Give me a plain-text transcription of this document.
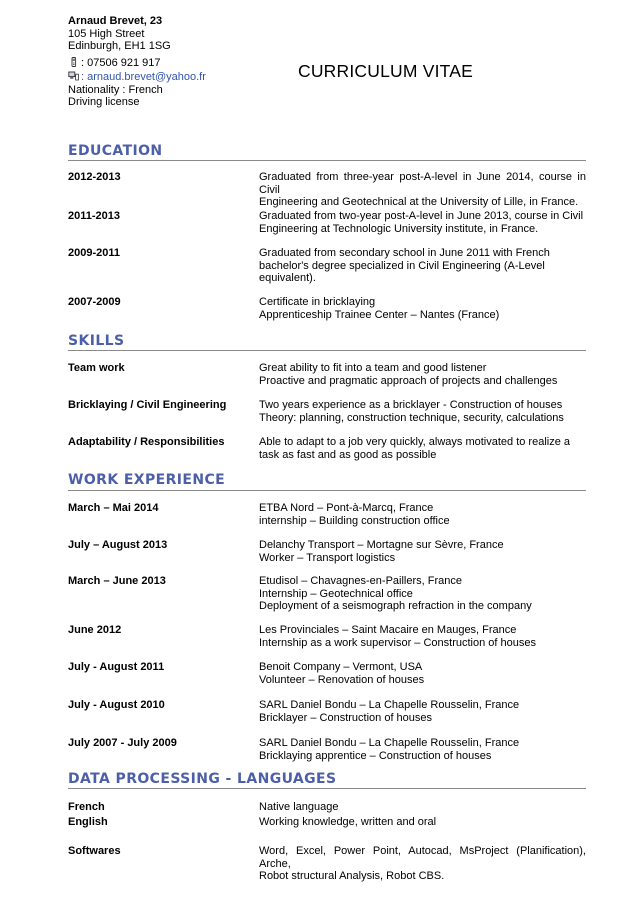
Arnaud Brevet, 23
105 High Street
Edinburgh, EH1 1SG
: 07506 921 917
: arnaud.brevet@yahoo.fr
Nationality : French
Driving license
CURRICULUM VITAE
EDUCATION
2012-2013	Graduated from three-year post-A-level in June 2014, course in Civil
Engineering and Geotechnical at the University of Lille, in France.
2011-2013	Graduated from two-year post-A-level in June 2013, course in Civil
Engineering at Technologic University institute, in France.
2009-2011	Graduated from secondary school in June 2011 with French
bachelor's degree specialized in Civil Engineering (A-Level
equivalent).
2007-2009	Certificate in bricklaying
Apprenticeship Trainee Center – Nantes (France)
SKILLS
Team work	Great ability to fit into a team and good listener
Proactive and pragmatic approach of projects and challenges
Bricklaying / Civil Engineering	Two years experience as a bricklayer - Construction of houses
Theory: planning, construction technique, security, calculations
Adaptability / Responsibilities	Able to adapt to a job very quickly, always motivated to realize a
task as fast and as good as possible
WORK EXPERIENCE
March – Mai 2014	ETBA Nord – Pont-à-Marcq, France
internship – Building construction office
July – August 2013	Delanchy Transport – Mortagne sur Sèvre, France
Worker – Transport logistics
March – June 2013	Etudisol – Chavagnes-en-Paillers, France
Internship – Geotechnical office
Deployment of a seismograph refraction in the company
June 2012	Les Provinciales – Saint Macaire en Mauges, France
Internship as a work supervisor – Construction of houses
July - August 2011	Benoit Company – Vermont, USA
Volunteer – Renovation of houses
July - August 2010	SARL Daniel Bondu – La Chapelle Rousselin, France
Bricklayer – Construction of houses
July 2007 - July 2009	SARL Daniel Bondu – La Chapelle Rousselin, France
Bricklaying apprentice – Construction of houses
DATA PROCESSING - LANGUAGES
French	Native language
English	Working knowledge, written and oral
Softwares	Word, Excel, Power Point, Autocad, MsProject (Planification), Arche,
Robot structural Analysis, Robot CBS.
